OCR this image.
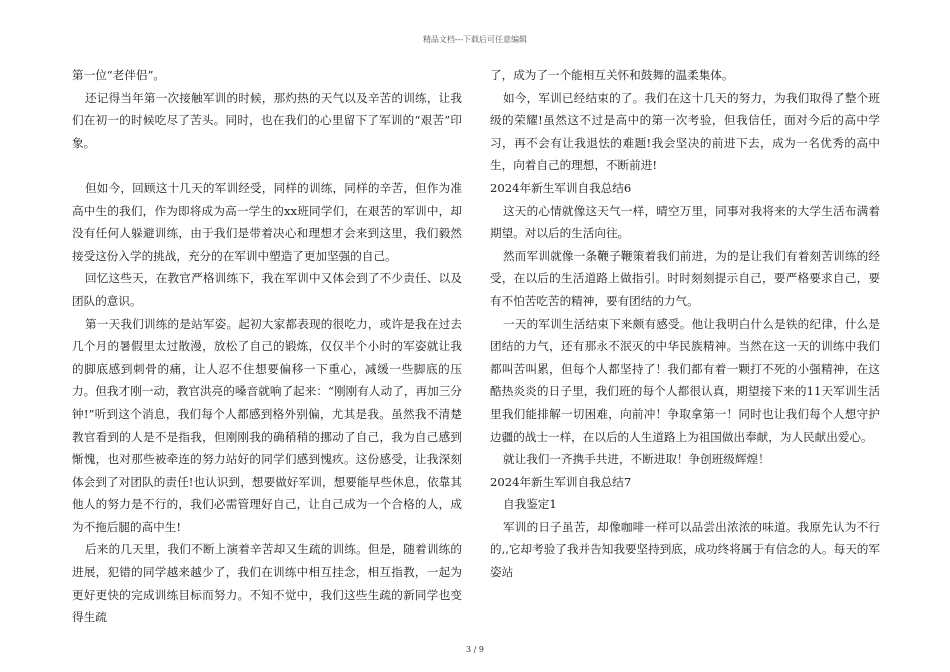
精品文档---下载后可任意编辑

第一位“老伴侣”。

还记得当年第一次接触军训的时候，那灼热的天气以及辛苦的训练，让我们在初一的时候吃尽了苦头。同时，也在我们的心里留下了军训的“艰苦”印象。

但如今，回顾这十几天的军训经受，同样的训练，同样的辛苦，但作为准高中生的我们，作为即将成为高一学生的xx班同学们，在艰苦的军训中，却没有任何人躲避训练，由于我们是带着决心和理想才会来到这里，我们毅然接受这份入学的挑战，充分的在军训中塑造了更加坚强的自己。

回忆这些天，在教官严格训练下，我在军训中又体会到了不少责任、以及团队的意识。

第一天我们训练的是站军姿。起初大家都表现的很吃力，或许是我在过去几个月的暑假里太过散漫，放松了自己的锻炼，仅仅半个小时的军姿就让我的脚底感到刺骨的痛，让人忍不住想要偏移一下重心，减缓一些脚底的压力。但我才刚一动，教官洪亮的嗓音就响了起来：“刚刚有人动了，再加三分钟!”听到这个消息，我们每个人都感到格外别偏，尤其是我。虽然我不清楚教官看到的人是不是指我，但刚刚我的确稍稍的挪动了自己，我为自己感到惭愧，也对那些被牵连的努力站好的同学们感到愧疚。这份感受，让我深刻体会到了对团队的责任!也认识到，想要做好军训，想要能早些休息，依靠其他人的努力是不行的，我们必需管理好自己，让自己成为一个合格的人，成为不拖后腿的高中生!

后来的几天里，我们不断上演着辛苦却又生疏的训练。但是，随着训练的进展，犯错的同学越来越少了，我们在训练中相互挂念，相互指教，一起为更好更快的完成训练目标而努力。不知不觉中，我们这些生疏的新同学也变得生疏

了，成为了一个能相互关怀和鼓舞的温柔集体。

如今，军训已经结束的了。我们在这十几天的努力，为我们取得了整个班级的荣耀!虽然这不过是高中的第一次考验，但我信任，面对今后的高中学习，再不会有让我退怯的难题!我会坚决的前进下去，成为一名优秀的高中生，向着自己的理想，不断前进!

2024年新生军训自我总结6

这天的心情就像这天气一样，晴空万里，同事对我将来的大学生活布满着期望。对以后的生活向往。

然而军训就像一条鞭子鞭策着我们前进，为的是让我们有着刻苦训练的经受，在以后的生活道路上做指引。时时刻刻提示自己，要严格要求自己，要有不怕苦吃苦的精神，要有团结的力气。

一天的军训生活结束下来颇有感受。他让我明白什么是铁的纪律，什么是团结的力气，还有那永不泯灭的中华民族精神。当然在这一天的训练中我们都叫苦叫累，但每个人都坚持了！我们都有着一颗打不死的小强精神，在这酷热炎炎的日子里，我们班的每个人都很认真，期望接下来的11天军训生活里我们能排解一切困难，向前冲！争取拿第一！同时也让我们每个人想守护边疆的战士一样，在以后的人生道路上为祖国做出奉献，为人民献出爱心。

就让我们一齐携手共进，不断进取！争创班级辉煌！

2024年新生军训自我总结7

自我鉴定1

军训的日子虽苦，却像咖啡一样可以品尝出浓浓的味道。我原先认为不行的,,它却考验了我并告知我要坚持到底，成功终将属于有信念的人。每天的军姿站

3 / 9
